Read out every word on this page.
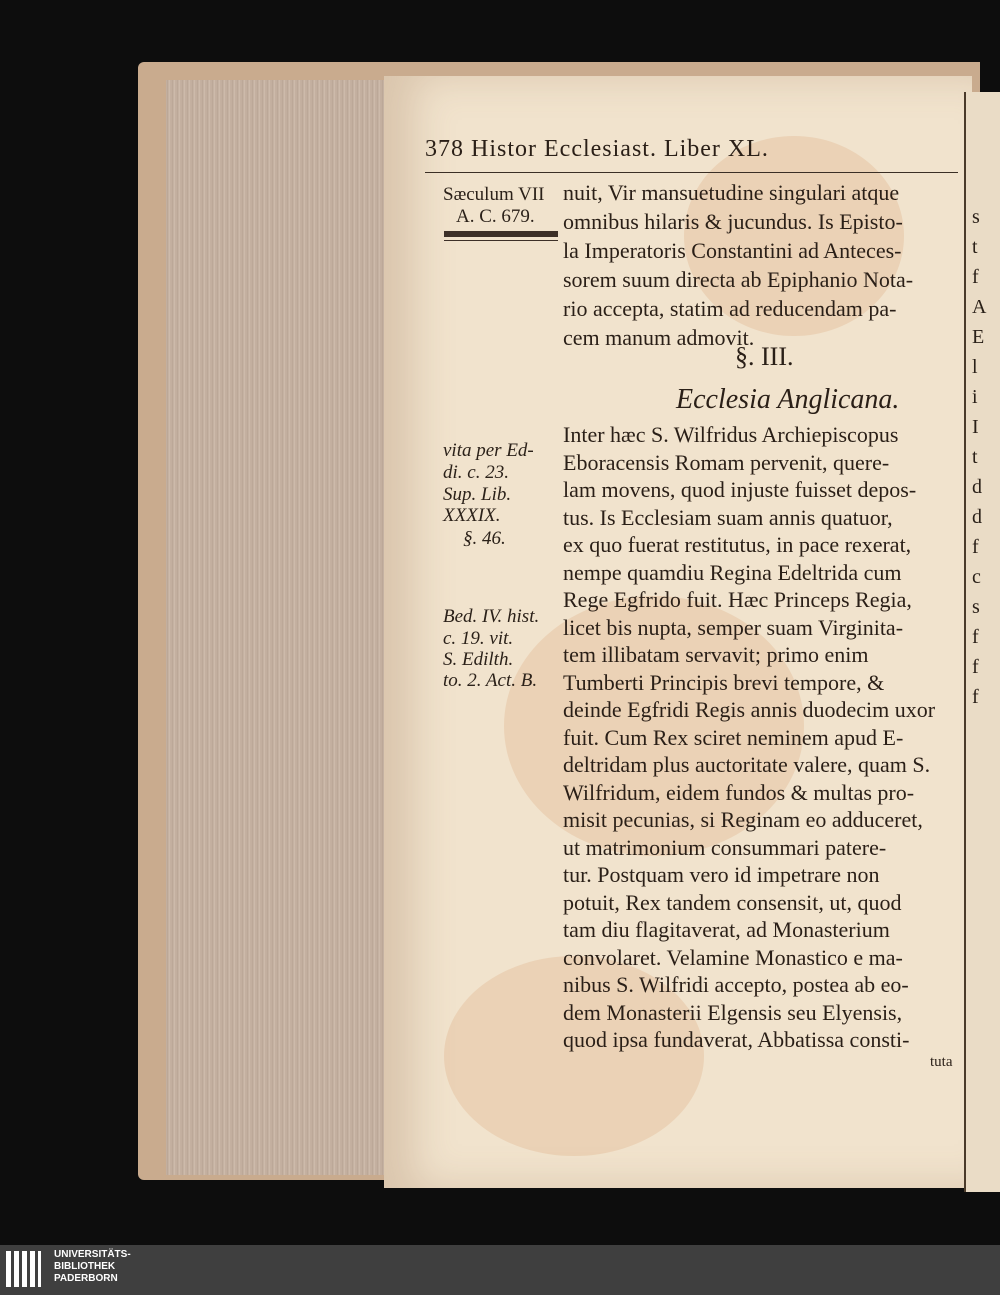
s
t
f
A
E
l
i
I
t
d
d
f
c
s
f
f
f
378 Histor Ecclesiast. Liber XL.
Sæculum VII
A. C. 679.
vita per Ed-
di. c. 23.
Sup. Lib.
XXXIX.
§. 46.
Bed. IV. hist.
c. 19. vit.
S. Edilth.
to. 2. Act. B.
nuit, Vir mansuetudine singulari atque
omnibus hilaris & jucundus. Is Episto-
la Imperatoris Constantini ad Anteces-
sorem suum directa ab Epiphanio Nota-
rio accepta, statim ad reducendam pa-
cem manum admovit.
§. III.
Ecclesia Anglicana.
Inter hæc S. Wilfridus Archiepiscopus
Eboracensis Romam pervenit, quere-
lam movens, quod injuste fuisset depos-
tus. Is Ecclesiam suam annis quatuor,
ex quo fuerat restitutus, in pace rexerat,
nempe quamdiu Regina Edeltrida cum
Rege Egfrido fuit. Hæc Princeps Regia,
licet bis nupta, semper suam Virginita-
tem illibatam servavit; primo enim
Tumberti Principis brevi tempore, &
deinde Egfridi Regis annis duodecim uxor
fuit. Cum Rex sciret neminem apud E-
deltridam plus auctoritate valere, quam S.
Wilfridum, eidem fundos & multas pro-
misit pecunias, si Reginam eo adduceret,
ut matrimonium consummari patere-
tur. Postquam vero id impetrare non
potuit, Rex tandem consensit, ut, quod
tam diu flagitaverat, ad Monasterium
convolaret. Velamine Monastico e ma-
nibus S. Wilfridi accepto, postea ab eo-
dem Monasterii Elgensis seu Elyensis,
quod ipsa fundaverat, Abbatissa consti-
tuta
UNIVERSITÄTS-
BIBLIOTHEK
PADERBORN
